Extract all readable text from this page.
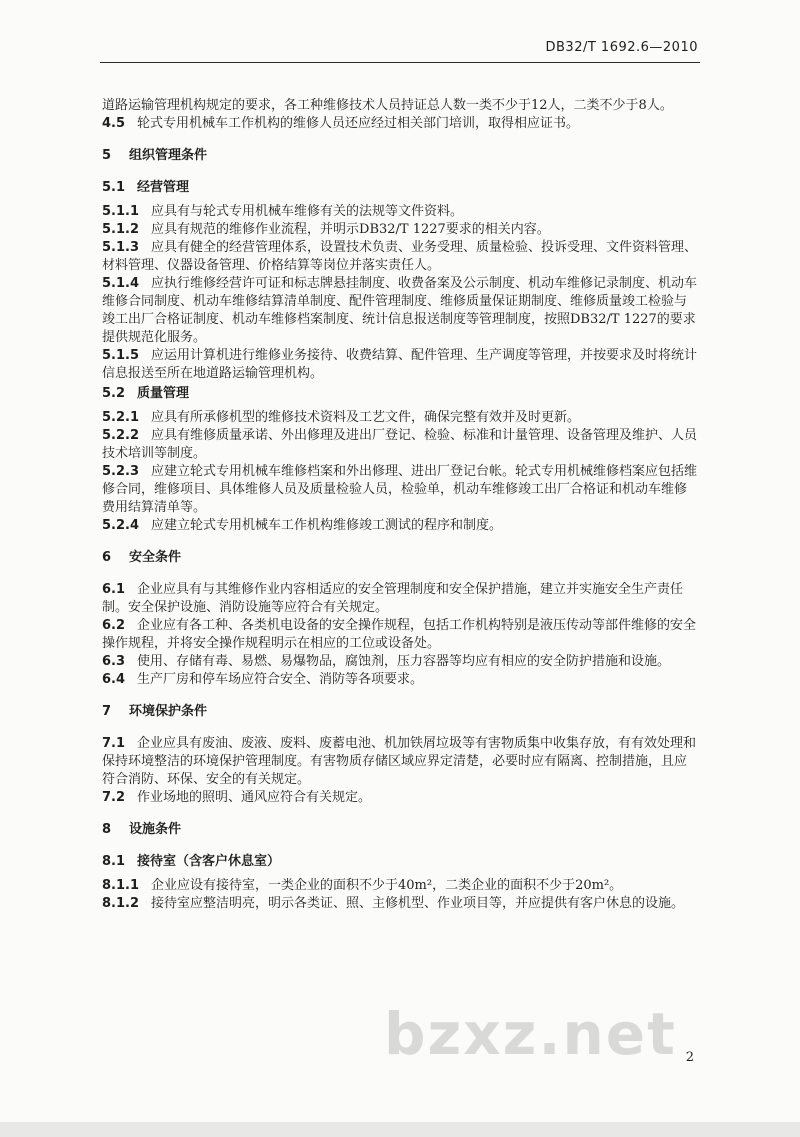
DB32/T 1692.6—2010
道路运输管理机构规定的要求，各工种维修技术人员持证总人数一类不少于12人，二类不少于8人。
4.5 轮式专用机械车工作机构的维修人员还应经过相关部门培训，取得相应证书。
5 组织管理条件
5.1 经营管理
5.1.1 应具有与轮式专用机械车维修有关的法规等文件资料。
5.1.2 应具有规范的维修作业流程，并明示DB32/T 1227要求的相关内容。
5.1.3 应具有健全的经营管理体系，设置技术负责、业务受理、质量检验、投诉受理、文件资料管理、材料管理、仪器设备管理、价格结算等岗位并落实责任人。
5.1.4 应执行维修经营许可证和标志牌悬挂制度、收费备案及公示制度、机动车维修记录制度、机动车维修合同制度、机动车维修结算清单制度、配件管理制度、维修质量保证期制度、维修质量竣工检验与竣工出厂合格证制度、机动车维修档案制度、统计信息报送制度等管理制度，按照DB32/T 1227的要求提供规范化服务。
5.1.5 应运用计算机进行维修业务接待、收费结算、配件管理、生产调度等管理，并按要求及时将统计信息报送至所在地道路运输管理机构。
5.2 质量管理
5.2.1 应具有所承修机型的维修技术资料及工艺文件，确保完整有效并及时更新。
5.2.2 应具有维修质量承诺、外出修理及进出厂登记、检验、标准和计量管理、设备管理及维护、人员技术培训等制度。
5.2.3 应建立轮式专用机械车维修档案和外出修理、进出厂登记台帐。轮式专用机械维修档案应包括维修合同，维修项目、具体维修人员及质量检验人员，检验单，机动车维修竣工出厂合格证和机动车维修费用结算清单等。
5.2.4 应建立轮式专用机械车工作机构维修竣工测试的程序和制度。
6 安全条件
6.1 企业应具有与其维修作业内容相适应的安全管理制度和安全保护措施，建立并实施安全生产责任制。安全保护设施、消防设施等应符合有关规定。
6.2 企业应有各工种、各类机电设备的安全操作规程，包括工作机构特别是液压传动等部件维修的安全操作规程，并将安全操作规程明示在相应的工位或设备处。
6.3 使用、存储有毒、易燃、易爆物品，腐蚀剂，压力容器等均应有相应的安全防护措施和设施。
6.4 生产厂房和停车场应符合安全、消防等各项要求。
7 环境保护条件
7.1 企业应具有废油、废液、废料、废蓄电池、机加铁屑垃圾等有害物质集中收集存放，有有效处理和保持环境整洁的环境保护管理制度。有害物质存储区域应界定清楚，必要时应有隔离、控制措施，且应符合消防、环保、安全的有关规定。
7.2 作业场地的照明、通风应符合有关规定。
8 设施条件
8.1 接待室（含客户休息室）
8.1.1 企业应设有接待室，一类企业的面积不少于40m²，二类企业的面积不少于20m²。
8.1.2 接待室应整洁明亮，明示各类证、照、主修机型、作业项目等，并应提供有客户休息的设施。
bzxz.net 2
